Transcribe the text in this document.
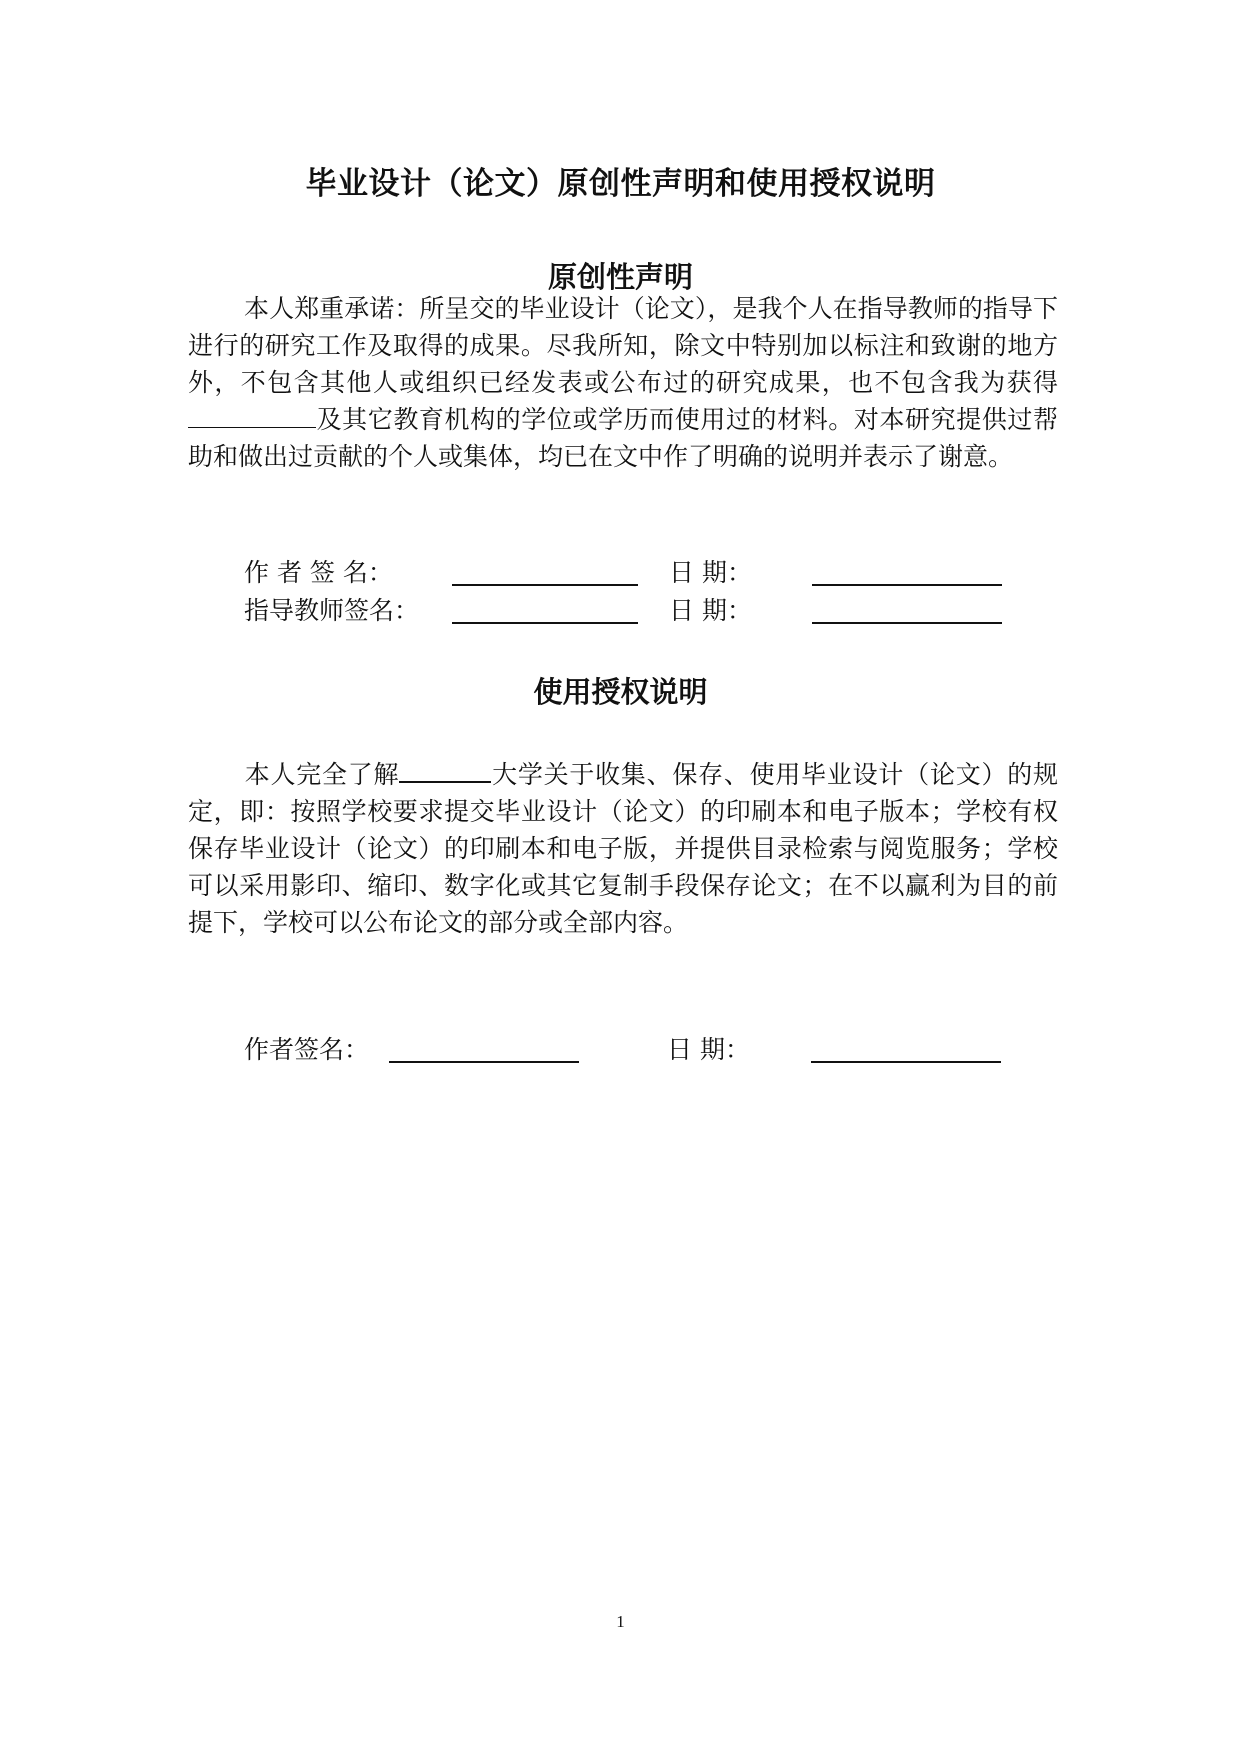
毕业设计（论文）原创性声明和使用授权说明
原创性声明

本人郑重承诺：所呈交的毕业设计（论文），是我个人在指导教师的指导下进行的研究工作及取得的成果。尽我所知，除文中特别加以标注和致谢的地方外，不包含其他人或组织已经发表或公布过的研究成果，也不包含我为获得及其它教育机构的学位或学历而使用过的材料。对本研究提供过帮助和做出过贡献的个人或集体，均已在文中作了明确的说明并表示了谢意。

作 者 签 名：	日 期：
指导教师签名：	日 期：
使用授权说明

本人完全了解	大学关于收集、保存、使用毕业设计（论文）的规定，即：按照学校要求提交毕业设计（论文）的印刷本和电子版本；学校有权保存毕业设计（论文）的印刷本和电子版，并提供目录检索与阅览服务；学校可以采用影印、缩印、数字化或其它复制手段保存论文；在不以赢利为目的前提下，学校可以公布论文的部分或全部内容。

作者签名：	日 期：
1
